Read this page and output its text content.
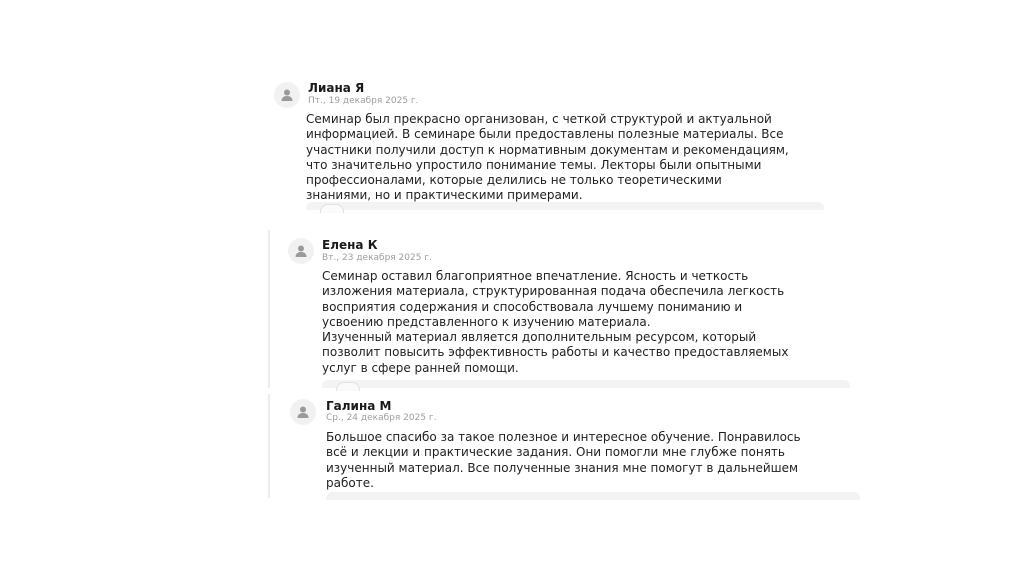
Лиана Я
Пт., 19 декабря 2025 г.
Семинар был прекрасно организован, с четкой структурой и актуальной
информацией. В семинаре были предоставлены полезные материалы. Все
участники получили доступ к нормативным документам и рекомендациям,
что значительно упростило понимание темы. Лекторы были опытными
профессионалами, которые делились не только теоретическими
знаниями, но и практическими примерами.
Елена К
Вт., 23 декабря 2025 г.
Семинар оставил благоприятное впечатление. Ясность и четкость
изложения материала, структурированная подача обеспечила легкость
восприятия содержания и способствовала лучшему пониманию и
усвоению представленного к изучению материала.
Изученный материал является дополнительным ресурсом, который
позволит повысить эффективность работы и качество предоставляемых
услуг в сфере ранней помощи.
Галина М
Ср., 24 декабря 2025 г.
Большое спасибо за такое полезное и интересное обучение. Понравилось
всё и лекции и практические задания. Они помогли мне глубже понять
изученный материал. Все полученные знания мне помогут в дальнейшем
работе.
